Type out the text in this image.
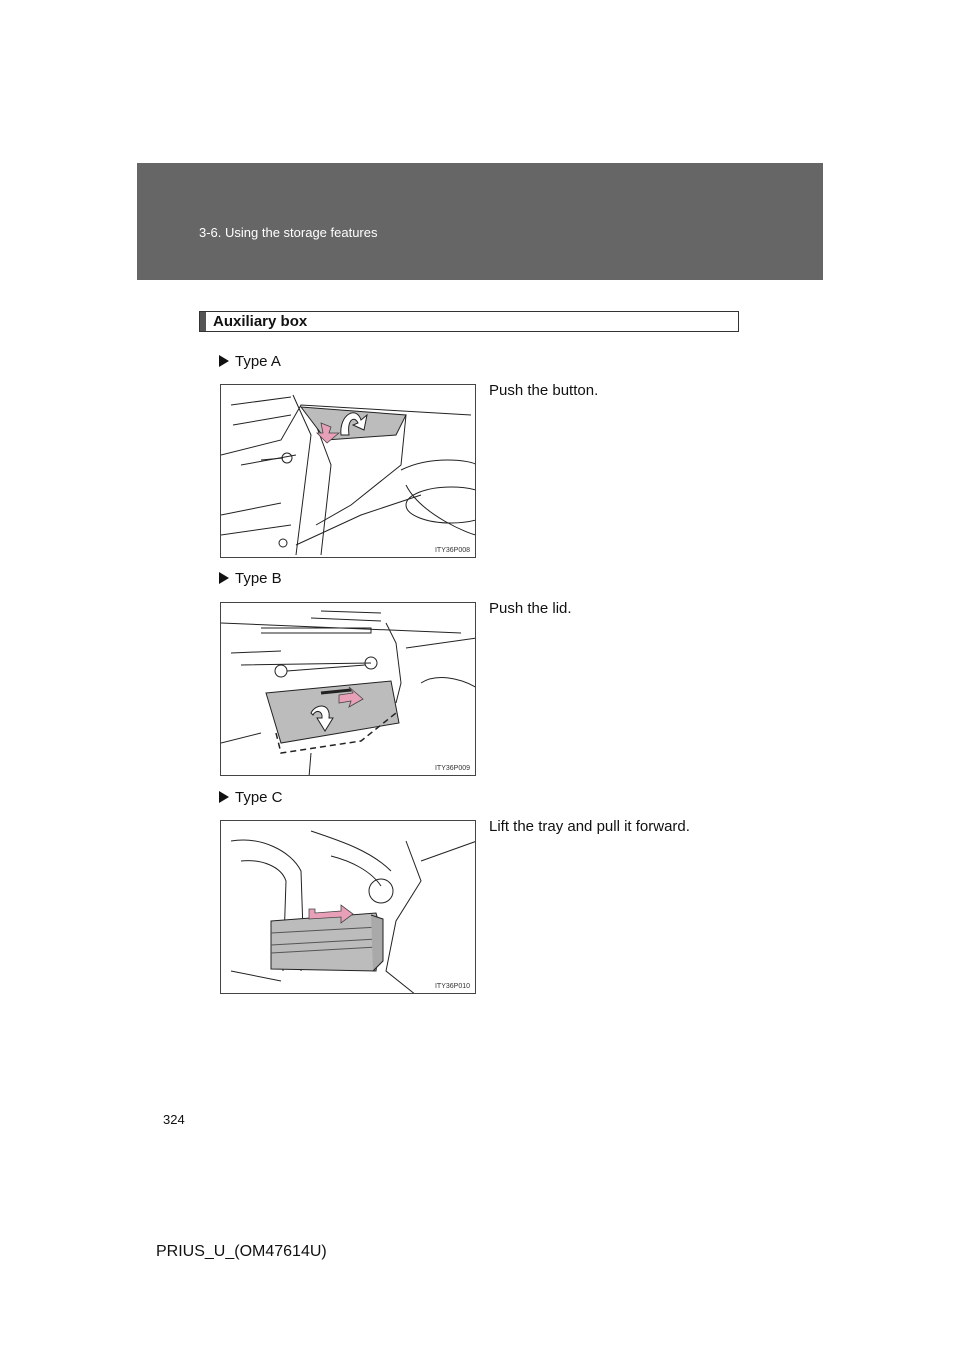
3-6. Using the storage features
Auxiliary box
Type A
Push the button.
ITY36P008
Type B
Push the lid.
ITY36P009
Type C
Lift the tray and pull it forward.
ITY36P010
324
PRIUS_U_(OM47614U)
